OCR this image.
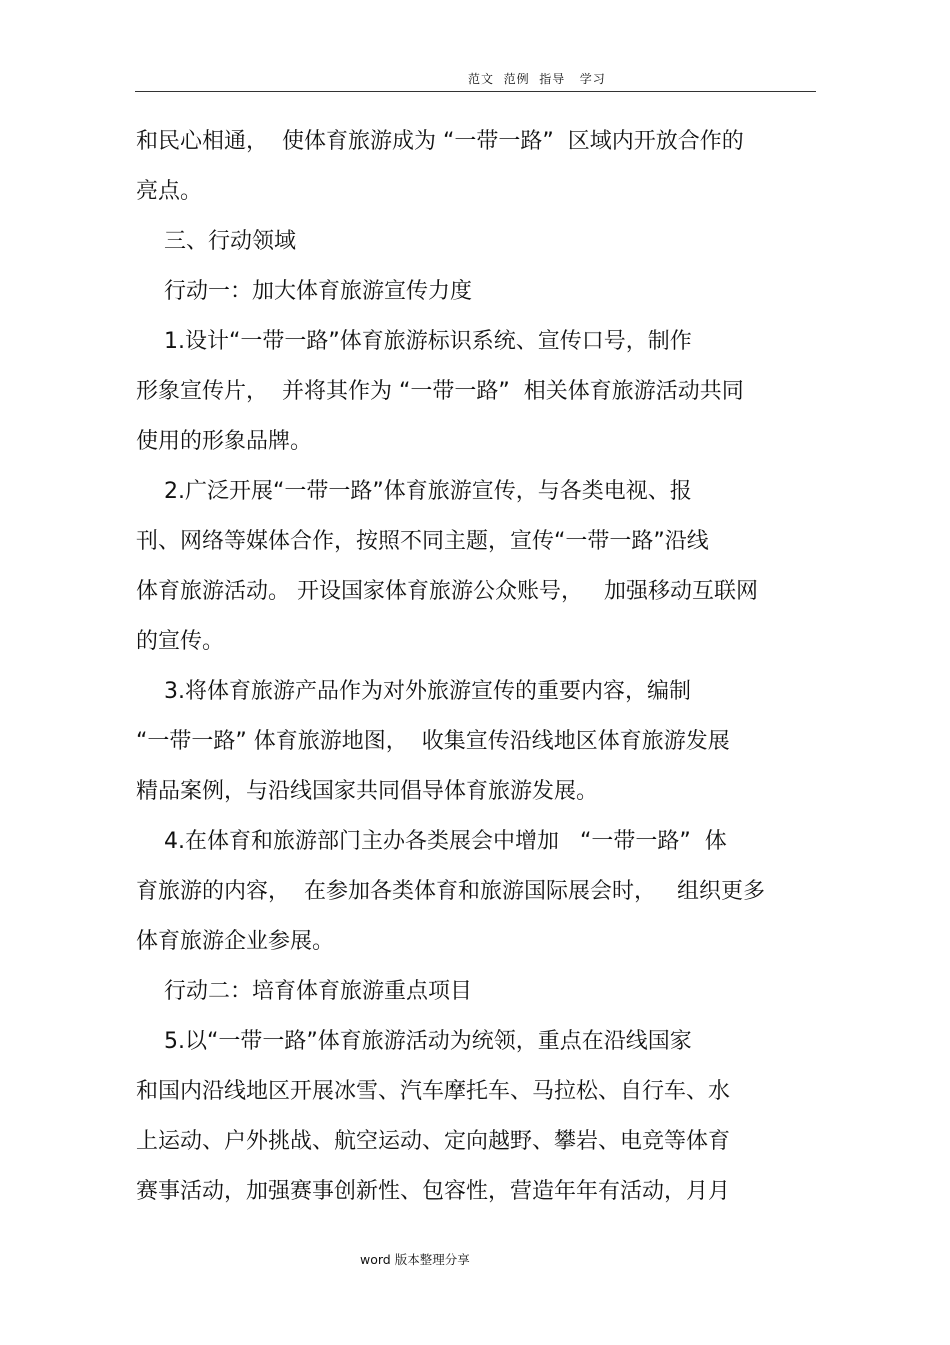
范文  范例  指导   学习
和民心相通，  使体育旅游成为 “一带一路”  区域内开放合作的
亮点。
三、行动领域
行动一：加大体育旅游宣传力度
1.设计“一带一路”体育旅游标识系统、宣传口号，制作
形象宣传片，  并将其作为 “一带一路”  相关体育旅游活动共同
使用的形象品牌。
2.广泛开展“一带一路”体育旅游宣传，与各类电视、报
刊、网络等媒体合作，按照不同主题，宣传“一带一路”沿线
体育旅游活动。 开设国家体育旅游公众账号，   加强移动互联网
的宣传。
3.将体育旅游产品作为对外旅游宣传的重要内容，编制
“一带一路” 体育旅游地图，  收集宣传沿线地区体育旅游发展
精品案例，与沿线国家共同倡导体育旅游发展。
4.在体育和旅游部门主办各类展会中增加   “一带一路”  体
育旅游的内容，  在参加各类体育和旅游国际展会时，   组织更多
体育旅游企业参展。
行动二：培育体育旅游重点项目
5.以“一带一路”体育旅游活动为统领，重点在沿线国家
和国内沿线地区开展冰雪、汽车摩托车、马拉松、自行车、水
上运动、户外挑战、航空运动、定向越野、攀岩、电竞等体育
赛事活动，加强赛事创新性、包容性，营造年年有活动，月月
word 版本整理分享
